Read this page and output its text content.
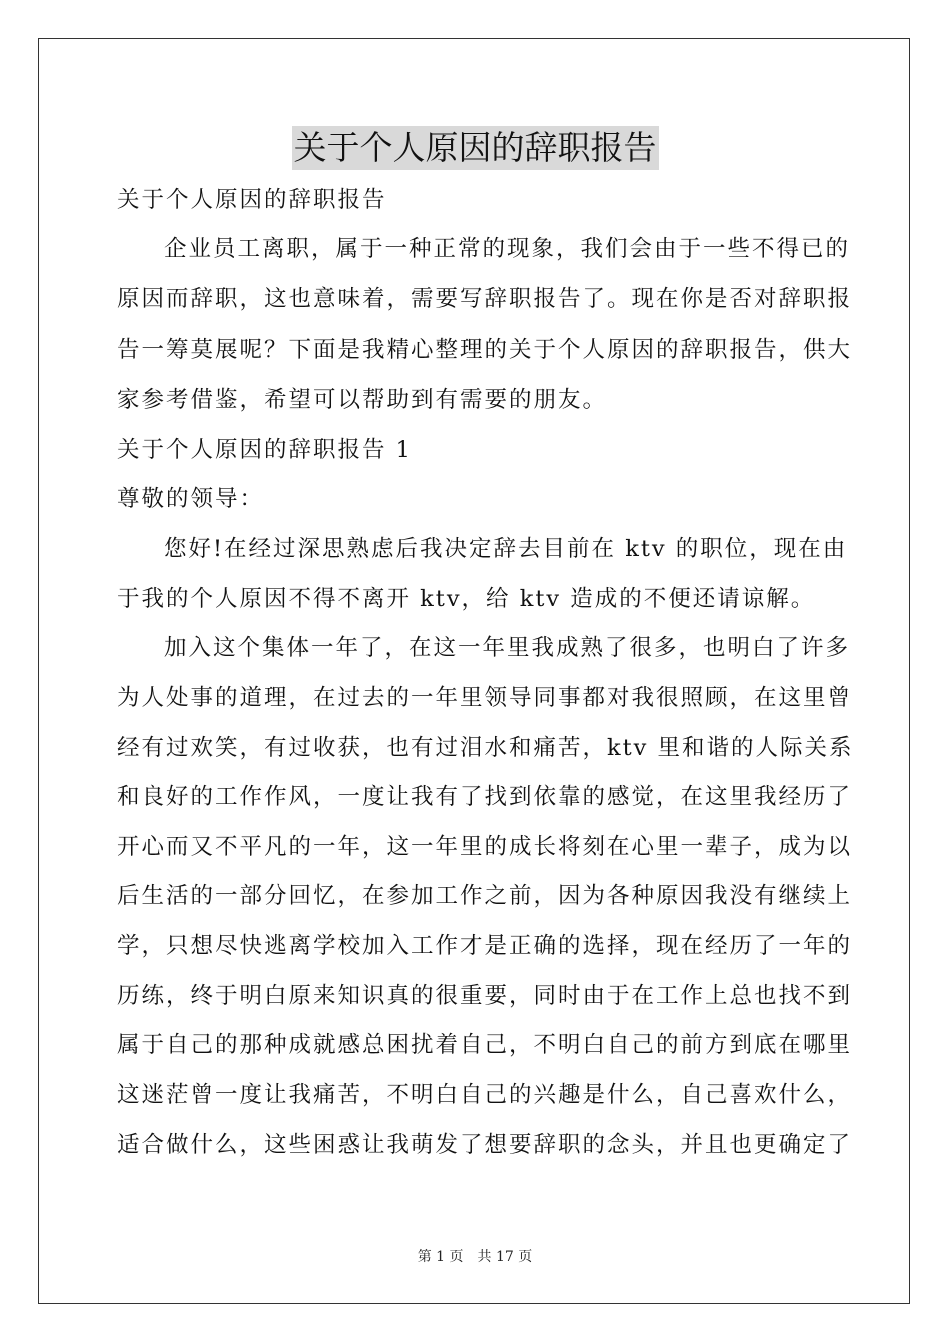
关于个人原因的辞职报告
关于个人原因的辞职报告
企业员工离职，属于一种正常的现象，我们会由于一些不得已的
原因而辞职，这也意味着，需要写辞职报告了。现在你是否对辞职报
告一筹莫展呢？下面是我精心整理的关于个人原因的辞职报告，供大
家参考借鉴，希望可以帮助到有需要的朋友。
关于个人原因的辞职报告 1
尊敬的领导：
您好!在经过深思熟虑后我决定辞去目前在 ktv 的职位，现在由
于我的个人原因不得不离开 ktv，给 ktv 造成的不便还请谅解。
加入这个集体一年了，在这一年里我成熟了很多，也明白了许多
为人处事的道理，在过去的一年里领导同事都对我很照顾，在这里曾
经有过欢笑，有过收获，也有过泪水和痛苦，ktv 里和谐的人际关系
和良好的工作作风，一度让我有了找到依靠的感觉，在这里我经历了
开心而又不平凡的一年，这一年里的成长将刻在心里一辈子，成为以
后生活的一部分回忆，在参加工作之前，因为各种原因我没有继续上
学，只想尽快逃离学校加入工作才是正确的选择，现在经历了一年的
历练，终于明白原来知识真的很重要，同时由于在工作上总也找不到
属于自己的那种成就感总困扰着自己，不明白自己的前方到底在哪里
这迷茫曾一度让我痛苦，不明白自己的兴趣是什么，自己喜欢什么，
适合做什么，这些困惑让我萌发了想要辞职的念头，并且也更确定了
第 1 页　共 17 页
